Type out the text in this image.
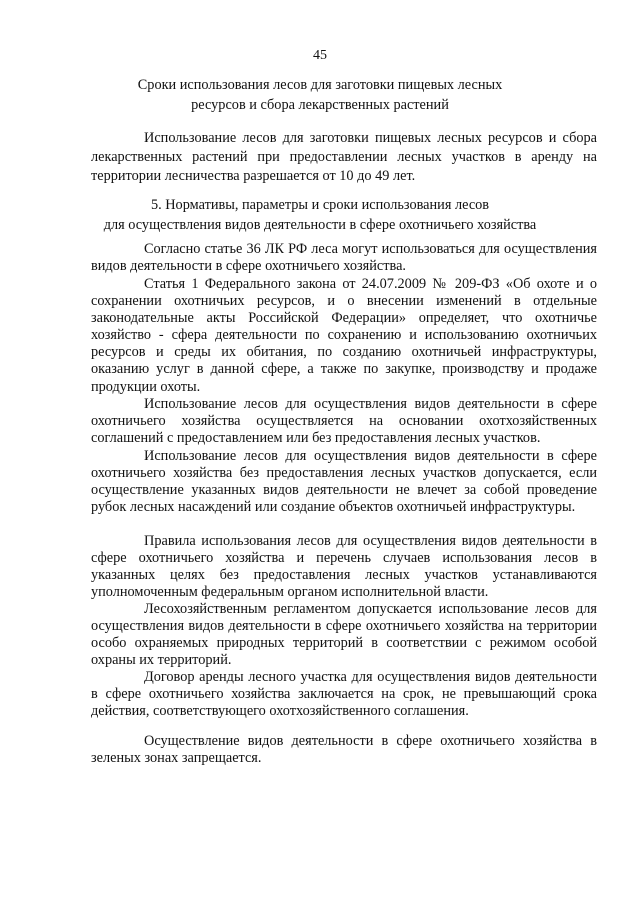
45
Сроки использования лесов для заготовки пищевых лесных
ресурсов и сбора лекарственных растений

Использование лесов для заготовки пищевых лесных ресурсов и сбора лекарственных растений при предоставлении лесных участков в аренду на территории лесничества разрешается от 10 до 49 лет.

5. Нормативы, параметры и сроки использования лесов
для осуществления видов деятельности в сфере охотничьего хозяйства

Согласно статье 36 ЛК РФ леса могут использоваться для осуществления видов деятельности в сфере охотничьего хозяйства.

Статья 1 Федерального закона от 24.07.2009 № 209-ФЗ «Об охоте и о сохранении охотничьих ресурсов, и о внесении изменений в отдельные законодательные акты Российской Федерации» определяет, что охотничье хозяйство - сфера деятельности по сохранению и использованию охотничьих ресурсов и среды их обитания, по созданию охотничьей инфраструктуры, оказанию услуг в данной сфере, а также по закупке, производству и продаже продукции охоты.

Использование лесов для осуществления видов деятельности в сфере охотничьего хозяйства осуществляется на основании охотхозяйственных соглашений с предоставлением или без предоставления лесных участков.

Использование лесов для осуществления видов деятельности в сфере охотничьего хозяйства без предоставления лесных участков допускается, если осуществление указанных видов деятельности не влечет за собой проведение рубок лесных насаждений или создание объектов охотничьей инфраструктуры.

Правила использования лесов для осуществления видов деятельности в сфере охотничьего хозяйства и перечень случаев использования лесов в указанных целях без предоставления лесных участков устанавливаются уполномоченным федеральным органом исполнительной власти.

Лесохозяйственным регламентом допускается использование лесов для осуществления видов деятельности в сфере охотничьего хозяйства на территории особо охраняемых природных территорий в соответствии с режимом особой охраны их территорий.

Договор аренды лесного участка для осуществления видов деятельности в сфере охотничьего хозяйства заключается на срок, не превышающий срока действия, соответствующего охотхозяйственного соглашения.

Осуществление видов деятельности в сфере охотничьего хозяйства в зеленых зонах запрещается.
